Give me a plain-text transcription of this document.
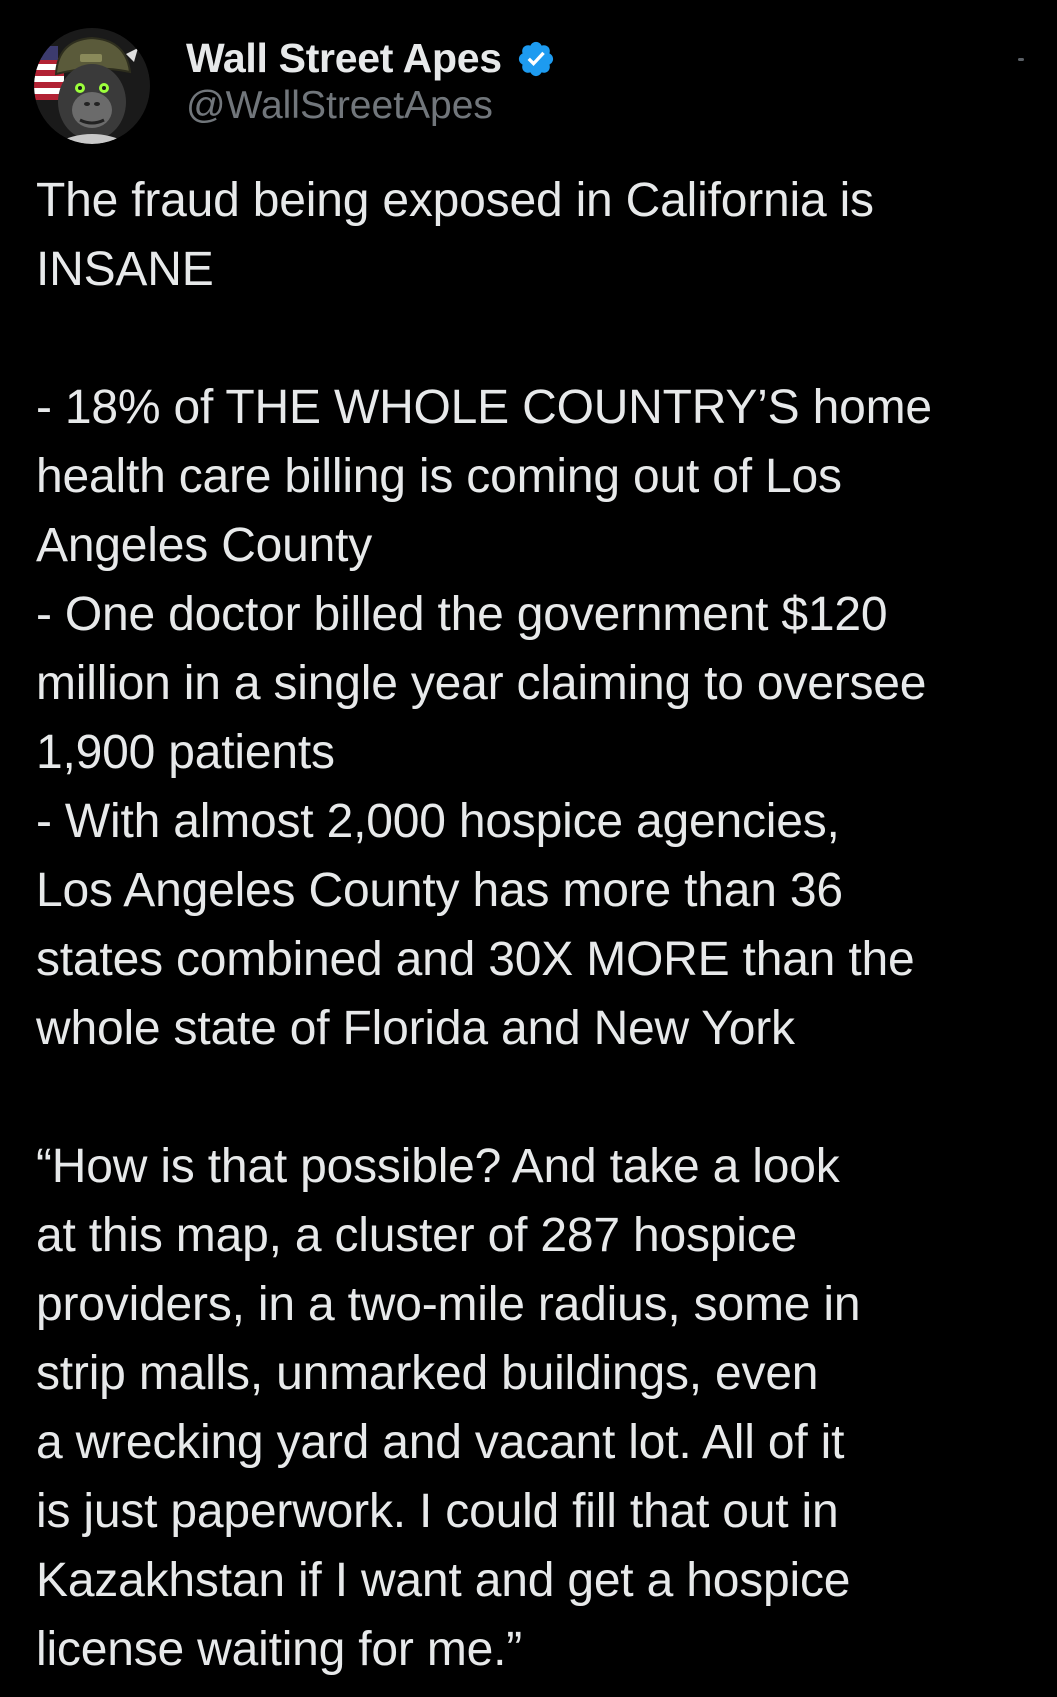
Wall Street Apes
@WallStreetApes
The fraud being exposed in California is
INSANE
- 18% of THE WHOLE COUNTRY’S home
health care billing is coming out of Los
Angeles County
- One doctor billed the government $120
million in a single year claiming to oversee
1,900 patients
- With almost 2,000 hospice agencies,
Los Angeles County has more than 36
states combined and 30X MORE than the
whole state of Florida and New York
“How is that possible? And take a look
at this map, a cluster of 287 hospice
providers, in a two-mile radius, some in
strip malls, unmarked buildings, even
a wrecking yard and vacant lot. All of it
is just paperwork. I could fill that out in
Kazakhstan if I want and get a hospice
license waiting for me.”
